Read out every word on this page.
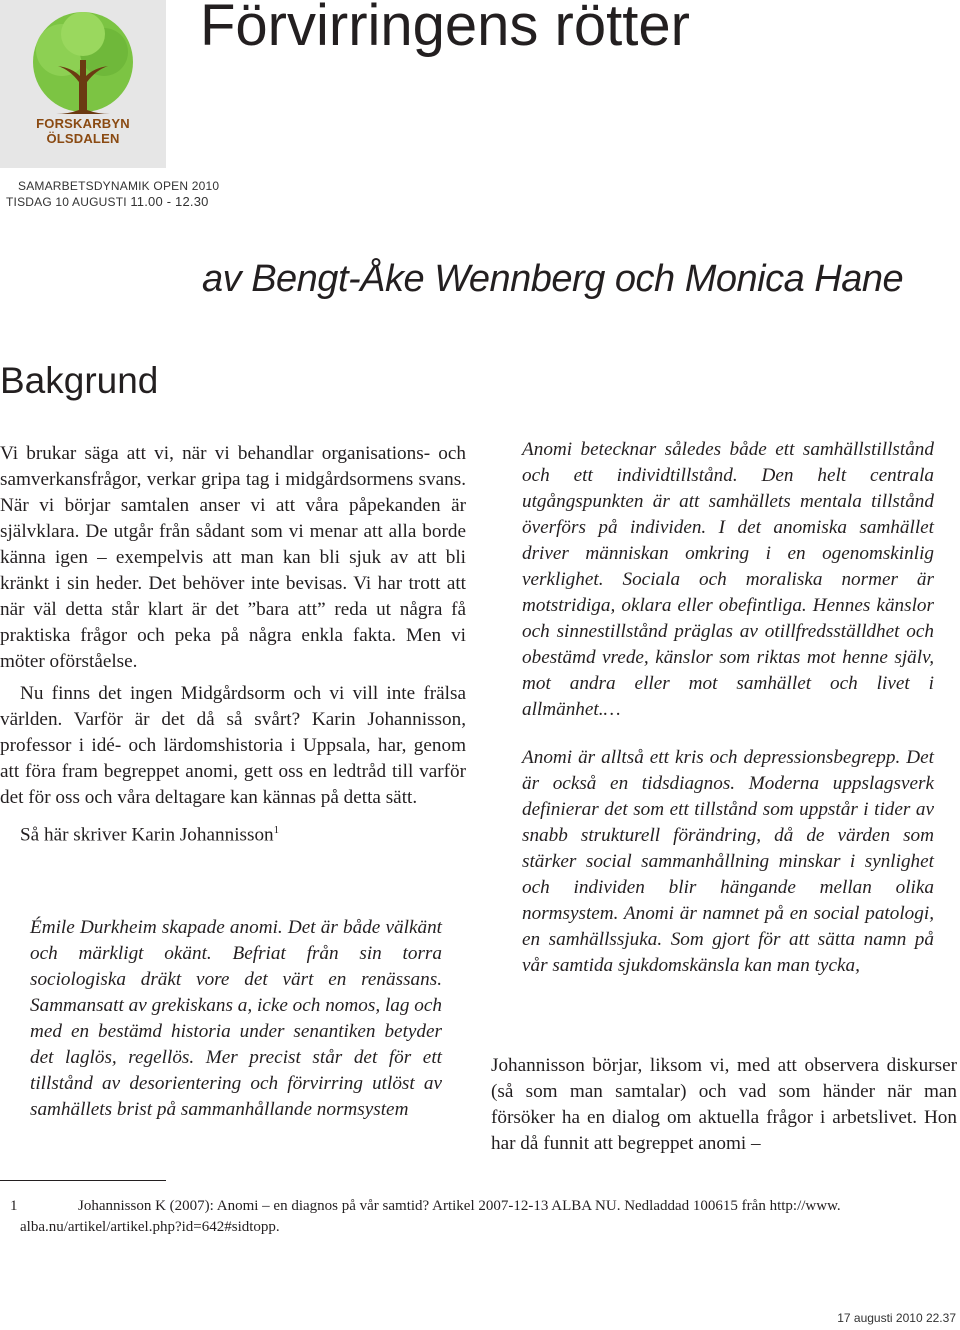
FORSKARBYN ÖLSDALEN
SAMARBETSDYNAMIK OPEN 2010
TISDAG 10 AUGUSTI 11.00 - 12.30
Förvirringens rötter
av Bengt-Åke Wennberg och Monica Hane
Bakgrund

Vi brukar säga att vi, när vi behandlar organisations- och samverkansfrågor, verkar gripa tag i midgårdsormens svans. När vi börjar samtalen anser vi att våra påpekanden är självklara. De utgår från sådant som vi menar att alla borde känna igen – exempelvis att man kan bli sjuk av att bli kränkt i sin heder. Det behöver inte bevisas. Vi har trott att när väl detta står klart är det ”bara att” reda ut några få praktiska frågor och peka på några enkla fakta. Men vi möter oförståelse.

Nu finns det ingen Midgårdsorm och vi vill inte frälsa världen. Varför är det då så svårt? Karin Johannisson, professor i idé- och lärdomshistoria i Uppsala, har, genom att föra fram begreppet anomi, gett oss en ledtråd till varför det för oss och våra deltagare kan kännas på detta sätt.

Så här skriver Karin Johannisson$^1$

Émile Durkheim skapade anomi. Det är både välkänt och märkligt okänt. Befriat från sin torra sociologiska dräkt vore det värt en renässans. Sammansatt av grekiskans a, icke och nomos, lag och med en bestämd historia under senantiken betyder det laglös, regellös. Mer precist står det för ett tillstånd av desorientering och förvirring utlöst av samhällets brist på sammanhållande normsystem

Anomi betecknar således både ett samhällstillstånd och ett individtillstånd. Den helt centrala utgångspunkten är att samhällets mentala tillstånd överförs på individen. I det anomiska samhället driver människan omkring i en ogenomskinlig verklighet. Sociala och moraliska normer är motstridiga, oklara eller obefintliga. Hennes känslor och sinnestillstånd präglas av otillfredsställdhet och obestämd vrede, känslor som riktas mot henne själv, mot andra eller mot samhället och livet i allmänhet.…

Anomi är alltså ett kris och depressionsbegrepp. Det är också en tidsdiagnos. Moderna uppslagsverk definierar det som ett tillstånd som uppstår i tider av snabb strukturell förändring, då de värden som stärker social sammanhållning minskar i synlighet och individen blir hängande mellan olika normsystem. Anomi är namnet på en social patologi, en samhällssjuka. Som gjort för att sätta namn på vår samtida sjukdomskänsla kan man tycka,

Johannisson börjar, liksom vi, med att observera diskurser (så som man samtalar) och vad som händer när man försöker ha en dialog om aktuella frågor i arbetslivet. Hon har då funnit att begreppet anomi –

1	Johannisson K (2007): Anomi – en diagnos på vår samtid? Artikel 2007-12-13 ALBA NU. Nedladdad 100615 från http://www.
alba.nu/artikel/artikel.php?id=642#sidtopp.
17 augusti 2010 22.37
